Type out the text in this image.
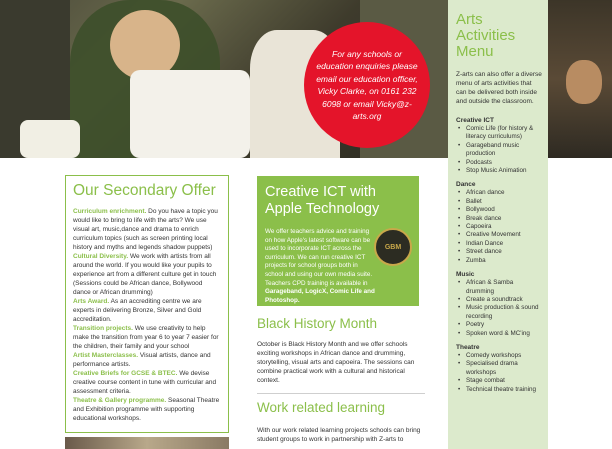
For any schools or education enquiries please email our education officer, Vicky Clarke, on 0161 232 6098 or email Vicky@z-arts.org
Arts Activities Menu

Z-arts can also offer a diverse menu of arts activities that can be delivered both inside and outside the classroom.

Creative ICT
• Comic Life (for history & literacy curriculums)
• Garageband music production
• Podcasts
• Stop Music Animation
Dance
• African dance
• Ballet
• Bollywood
• Break dance
• Capoeira
• Creative Movement
• Indian Dance
• Street dance
• Zumba
Music
• African & Samba drumming
• Create a soundtrack
• Music production & sound recording
• Poetry
• Spoken word & MC'ing
Theatre
• Comedy workshops
• Specialised drama workshops
• Stage combat
• Technical theatre training
Our Secondary Offer

Curriculum enrichment. Do you have a topic you would like to bring to life with the arts? We use visual art, music,dance and drama to enrich curriculum topics (such as screen printing local history and myths and legends shadow puppets)
Cultural Diversity. We work with artists from all around the world. If you would like your pupils to experience art from a different culture get in touch (Sessions could be African dance, Bollywood dance or African drumming)
Arts Award. As an accrediting centre we are experts in delivering Bronze, Silver and Gold accreditation.
Transition projects. We use creativity to help make the transition from year 6 to year 7 easier for the children, their family and your school
Artist Masterclasses. Visual artists, dance and performance artists.
Creative Briefs for GCSE & BTEC. We devise creative course content in tune with curricular and assessment criteria.
Theatre & Gallery programme. Seasonal Theatre and Exhibition programme with supporting educational workshops.

Creative ICT with Apple Technology

We offer teachers advice and training on how Apple's latest software can be used to incorporate ICT across the curriculum. We can run creative ICT projects for school groups both in school and using our own media suite. Teachers CPD training is available in Garageband, LogicX, Comic Life and Photoshop.

GBM
Black History Month

October is Black History Month and we offer schools exciting workshops in African dance and drumming, storytelling, visual arts and capoeira. The sessions can combine practical work with a cultural and historical context.

Work related learning

With our work related learning projects schools can bring student groups to work in partnership with Z-arts to
